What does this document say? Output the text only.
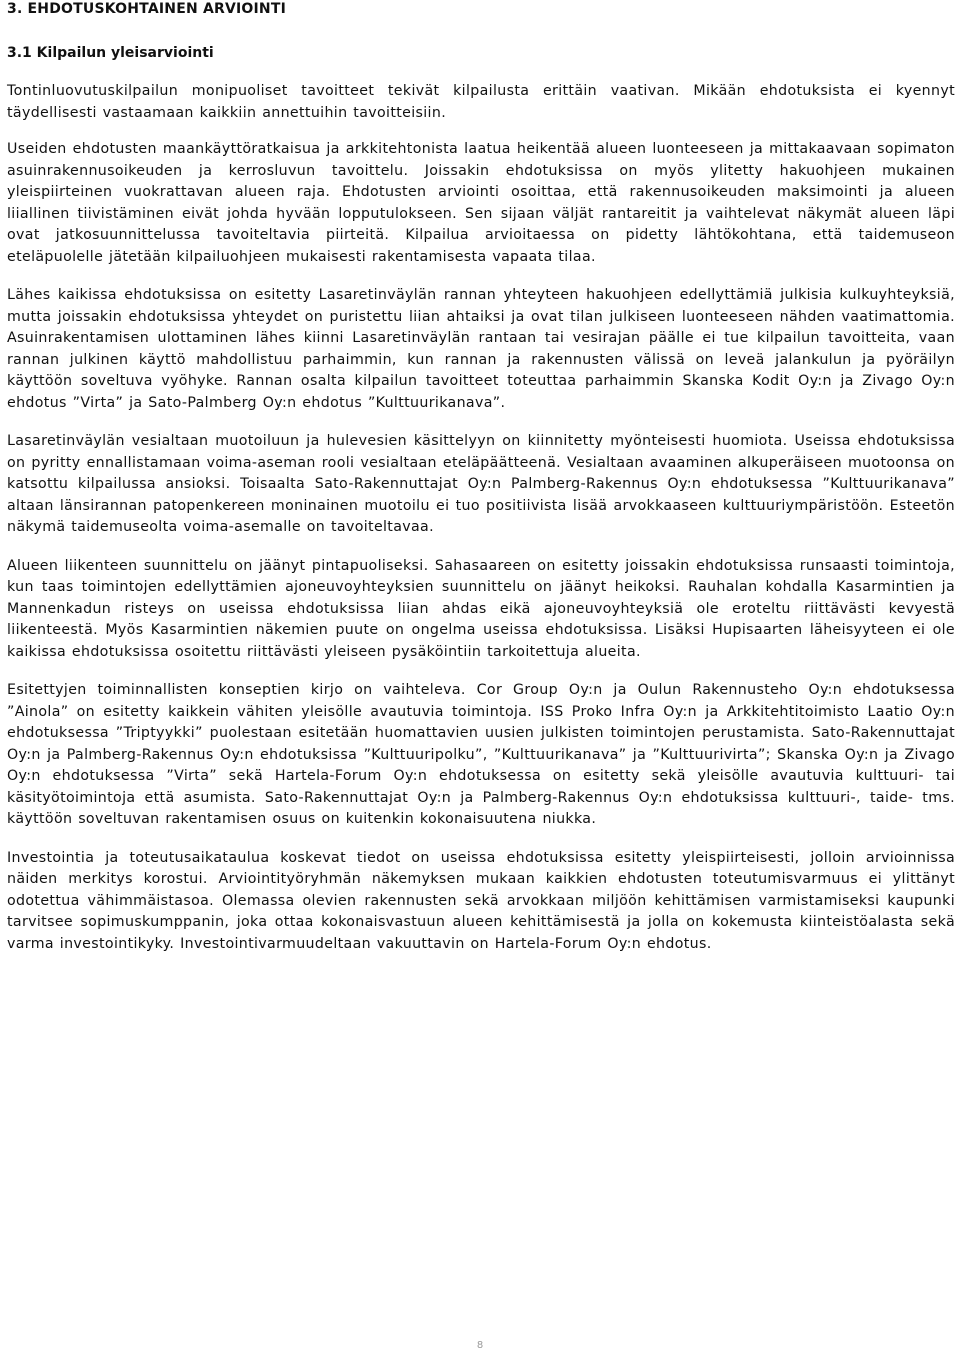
3. EHDOTUSKOHTAINEN ARVIOINTI
3.1 Kilpailun yleisarviointi

Tontinluovutuskilpailun monipuoliset tavoitteet tekivät kilpailusta erittäin vaativan. Mikään ehdotuksista ei kyennyt täydellisesti vastaamaan kaikkiin annettuihin tavoitteisiin.

Useiden ehdotusten maankäyttöratkaisua ja arkkitehtonista laatua heikentää alueen luonteeseen ja mittakaavaan sopimaton asuinrakennusoikeuden ja kerrosluvun tavoittelu. Joissakin ehdotuksissa on myös ylitetty hakuohjeen mukainen yleispiirteinen vuokrattavan alueen raja. Ehdotusten arviointi osoittaa, että rakennusoikeuden maksimointi ja alueen liiallinen tiivistäminen eivät johda hyvään lopputulokseen. Sen sijaan väljät rantareitit ja vaihtelevat näkymät alueen läpi ovat jatkosuunnittelussa tavoiteltavia piirteitä. Kilpailua arvioitaessa on pidetty lähtökohtana, että taidemuseon eteläpuolelle jätetään kilpailuohjeen mukaisesti rakentamisesta vapaata tilaa.

Lähes kaikissa ehdotuksissa on esitetty Lasaretinväylän rannan yhteyteen hakuohjeen edellyttämiä julkisia kulkuyhteyksiä, mutta joissakin ehdotuksissa yhteydet on puristettu liian ahtaiksi ja ovat tilan julkiseen luonteeseen nähden vaatimattomia. Asuinrakentamisen ulottaminen lähes kiinni Lasaretinväylän rantaan tai vesirajan päälle ei tue kilpailun tavoitteita, vaan rannan julkinen käyttö mahdollistuu parhaimmin, kun rannan ja rakennusten välissä on leveä jalankulun ja pyöräilyn käyttöön soveltuva vyöhyke. Rannan osalta kilpailun tavoitteet toteuttaa parhaimmin Skanska Kodit Oy:n ja Zivago Oy:n ehdotus ”Virta” ja Sato-Palmberg Oy:n ehdotus ”Kulttuurikanava”.

Lasaretinväylän vesialtaan muotoiluun ja hulevesien käsittelyyn on kiinnitetty myönteisesti huomiota. Useissa ehdotuksissa on pyritty ennallistamaan voima-aseman rooli vesialtaan eteläpäätteenä. Vesialtaan avaaminen alkuperäiseen muotoonsa on katsottu kilpailussa ansioksi. Toisaalta Sato-Rakennuttajat Oy:n Palmberg-Rakennus Oy:n ehdotuksessa ”Kulttuurikanava” altaan länsirannan patopenkereen moninainen muotoilu ei tuo positiivista lisää arvokkaaseen kulttuuriympäristöön. Esteetön näkymä taidemuseolta voima-asemalle on tavoiteltavaa.

Alueen liikenteen suunnittelu on jäänyt pintapuoliseksi. Sahasaareen on esitetty joissakin ehdotuksissa runsaasti toimintoja, kun taas toimintojen edellyttämien ajoneuvoyhteyksien suunnittelu on jäänyt heikoksi. Rauhalan kohdalla Kasarmintien ja Mannenkadun risteys on useissa ehdotuksissa liian ahdas eikä ajoneuvoyhteyksiä ole eroteltu riittävästi kevyestä liikenteestä. Myös Kasarmintien näkemien puute on ongelma useissa ehdotuksissa. Lisäksi Hupisaarten läheisyyteen ei ole kaikissa ehdotuksissa osoitettu riittävästi yleiseen pysäköintiin tarkoitettuja alueita.

Esitettyjen toiminnallisten konseptien kirjo on vaihteleva. Cor Group Oy:n ja Oulun Rakennusteho Oy:n ehdotuksessa ”Ainola” on esitetty kaikkein vähiten yleisölle avautuvia toimintoja. ISS Proko Infra Oy:n ja Arkkitehtitoimisto Laatio Oy:n ehdotuksessa ”Triptyykki” puolestaan esitetään huomattavien uusien julkisten toimintojen perustamista. Sato-Rakennuttajat Oy:n ja Palmberg-Rakennus Oy:n ehdotuksissa ”Kulttuuripolku”, ”Kulttuurikanava” ja ”Kulttuurivirta”; Skanska Oy:n ja Zivago Oy:n ehdotuksessa ”Virta” sekä Hartela-Forum Oy:n ehdotuksessa on esitetty sekä yleisölle avautuvia kulttuuri- tai käsityötoimintoja että asumista. Sato-Rakennuttajat Oy:n ja Palmberg-Rakennus Oy:n ehdotuksissa kulttuuri-, taide- tms. käyttöön soveltuvan rakentamisen osuus on kuitenkin kokonaisuutena niukka.

Investointia ja toteutusaikataulua koskevat tiedot on useissa ehdotuksissa esitetty yleispiirteisesti, jolloin arvioinnissa näiden merkitys korostui. Arviointityöryhmän näkemyksen mukaan kaikkien ehdotusten toteutumisvarmuus ei ylittänyt odotettua vähimmäistasoa. Olemassa olevien rakennusten sekä arvokkaan miljöön kehittämisen varmistamiseksi kaupunki tarvitsee sopimuskumppanin, joka ottaa kokonaisvastuun alueen kehittämisestä ja jolla on kokemusta kiinteistöalasta sekä varma investointikyky. Investointivarmuudeltaan vakuuttavin on Hartela-Forum Oy:n ehdotus.

8
